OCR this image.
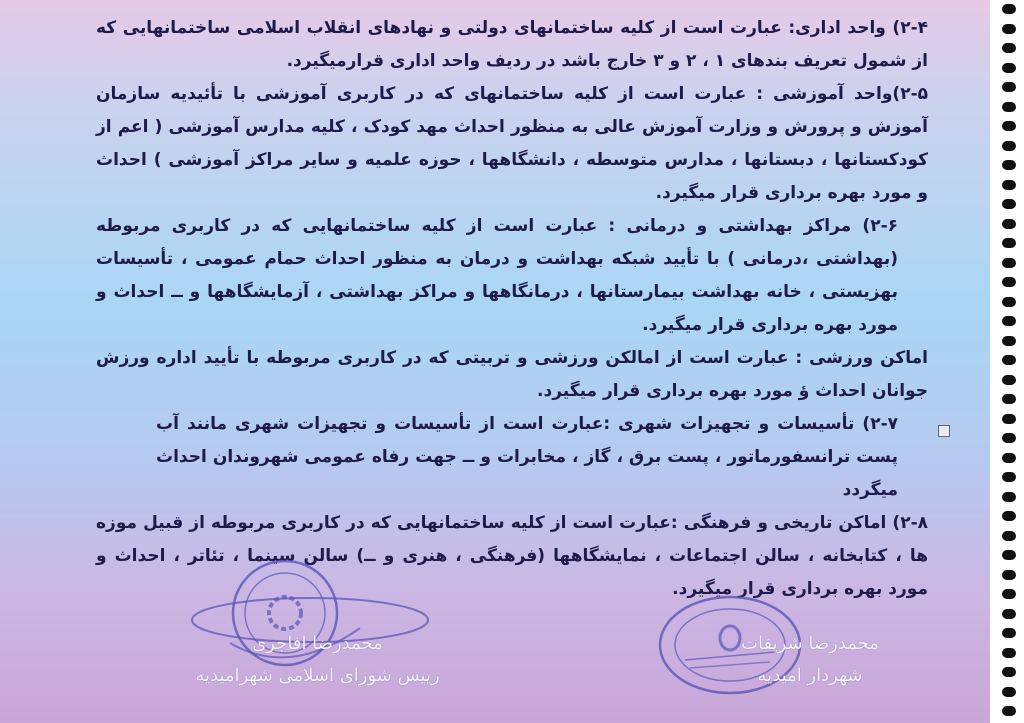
۲-۴) واحد اداری: عبارت است از کلیه ساختمانهای دولتی و نهادهای انقلاب اسلامی ساختمانهایی که از شمول تعریف بندهای ۱ ، ۲ و ۳ خارج باشد در ردیف واحد اداری قرارمیگیرد.

۲-۵)واحد آموزشی : عبارت است از کلیه ساختمانهای که در کاربری آموزشی با تأئیدیه سازمان آموزش و پرورش و وزارت آموزش عالی به منظور احداث مهد کودک ، کلیه مدارس آموزشی ( اعم از کودکستانها ، دبستانها ، مدارس متوسطه ، دانشگاهها ، حوزه علمیه و سایر مراکز آموزشی ) احداث و مورد بهره برداری قرار میگیرد.

۲-۶) مراکز بهداشتی و درمانی : عبارت است از کلیه ساختمانهایی که در کاربری مربوطه (بهداشتی ،درمانی ) با تأیید شبکه بهداشت و درمان به منظور احداث حمام عمومی ، تأسیسات بهزیستی ، خانه بهداشت بیمارستانها ، درمانگاهها و مراکز بهداشتی ، آزمایشگاهها و ــ احداث و مورد بهره برداری قرار میگیرد.

اماکن ورزشی : عبارت است از امالکن ورزشی و تربیتی که در کاربری مربوطه با تأیید اداره ورزش جوانان احداث ؤ مورد بهره برداری قرار میگیرد.

۲-۷) تأسیسات و تجهیزات شهری :عبارت است از تأسیسات و تجهیزات شهری مانند آب پست ترانسفورماتور ، پست برق ، گاز ، مخابرات و ــ جهت رفاه عمومی شهروندان احداث میگردد

۲-۸) اماکن تاریخی و فرهنگی :عبارت است از کلیه ساختمانهایی که در کاربری مربوطه از قبیل موزه ها ، کتابخانه ، سالن اجتماعات ، نمایشگاهها (فرهنگی ، هنری و ــ) سالن سینما ، تئاتر ، احداث و مورد بهره برداری قرار میگیرد.

محمدرضا شریفات
شهردار امیدیه
محمدرضا افاجری
رییس شورای اسلامی شهرامیدیه
